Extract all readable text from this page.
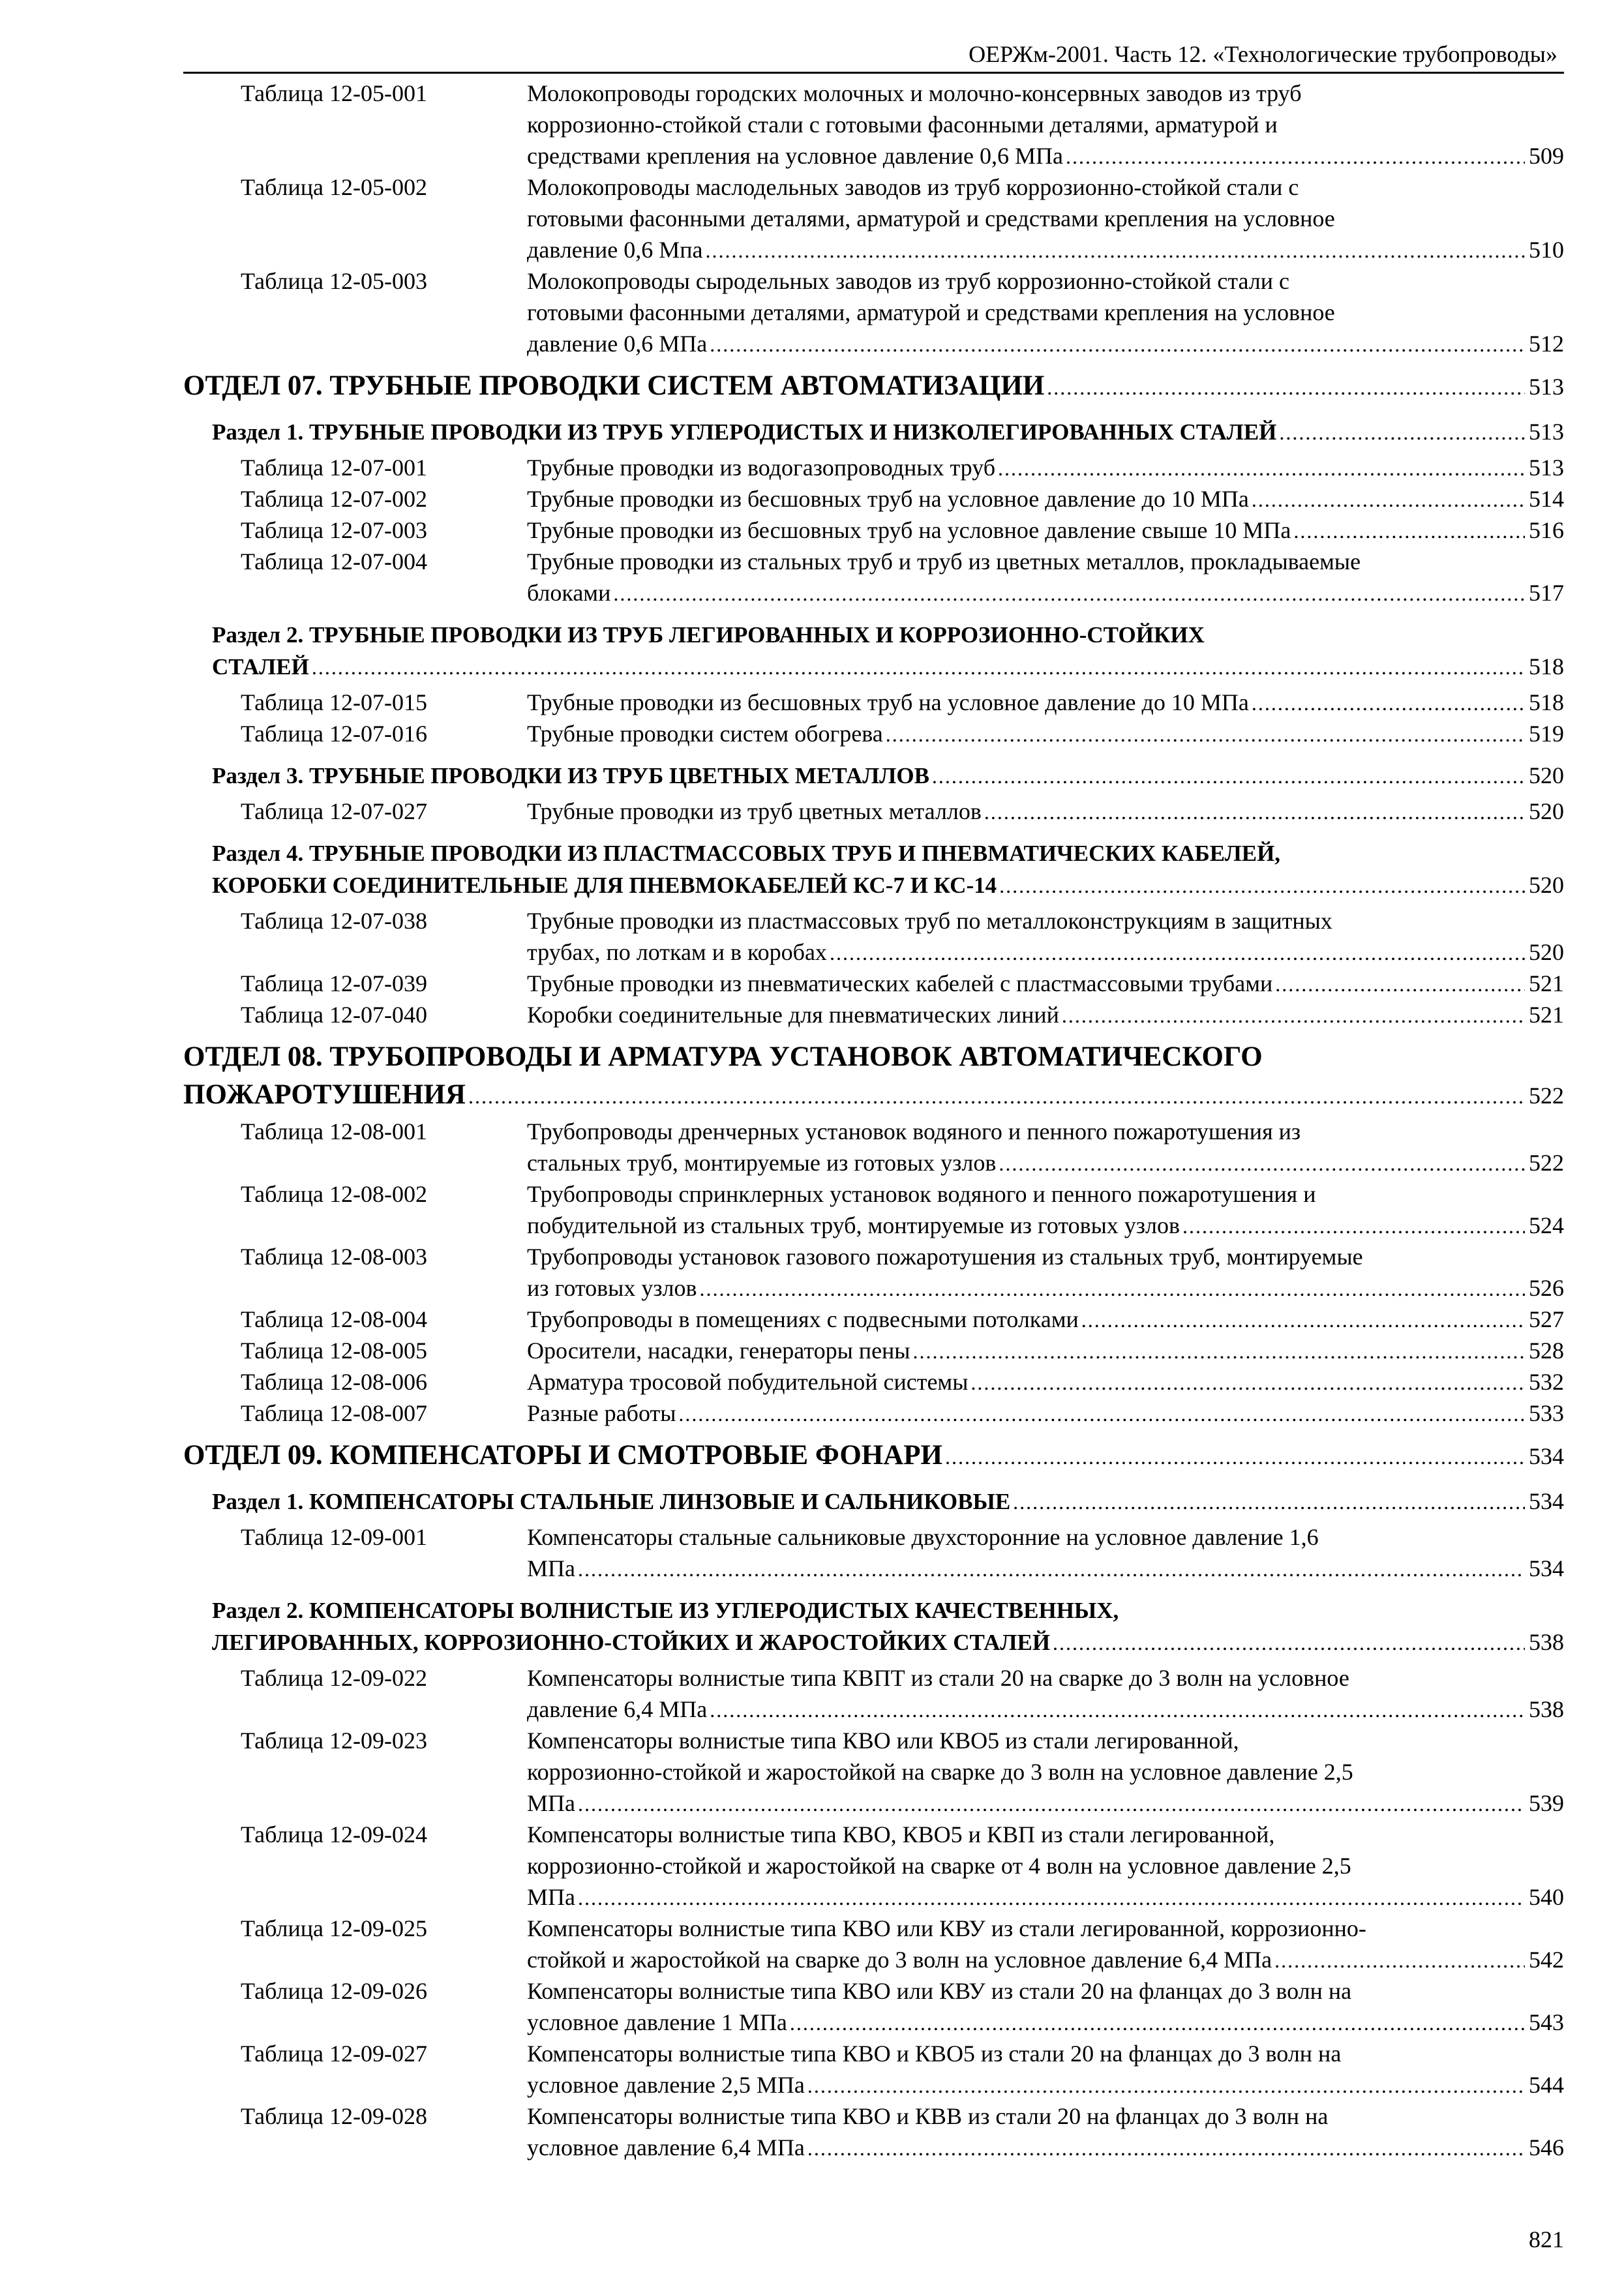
ОЕРЖм-2001. Часть 12. «Технологические трубопроводы»
Таблица 12-05-001	Молокопроводы городских молочных и молочно-консервных заводов из труб
коррозионно-стойкой стали с готовыми фасонными деталями, арматурой и
средствами крепления на условное давление 0,6 МПа .....	509
Таблица 12-05-002	Молокопроводы маслодельных заводов из труб коррозионно-стойкой стали с
готовыми фасонными деталями, арматурой и средствами крепления на условное
давление 0,6 Мпа .....	510
Таблица 12-05-003	Молокопроводы сыродельных заводов из труб коррозионно-стойкой стали с
готовыми фасонными деталями, арматурой и средствами крепления на условное
давление 0,6 МПа .....	512
ОТДЕЛ 07. ТРУБНЫЕ ПРОВОДКИ СИСТЕМ АВТОМАТИЗАЦИИ .....	513
Раздел 1. ТРУБНЫЕ ПРОВОДКИ ИЗ ТРУБ УГЛЕРОДИСТЫХ И НИЗКОЛЕГИРОВАННЫХ СТАЛЕЙ .....	513
Таблица 12-07-001	Трубные проводки из водогазопроводных труб .....	513
Таблица 12-07-002	Трубные проводки из бесшовных труб на условное давление до 10 МПа .....	514
Таблица 12-07-003	Трубные проводки из бесшовных труб на условное давление свыше 10 МПа .....	516
Таблица 12-07-004	Трубные проводки из стальных труб и труб из цветных металлов, прокладываемые
блоками .....	517
Раздел 2. ТРУБНЫЕ ПРОВОДКИ ИЗ ТРУБ ЛЕГИРОВАННЫХ И КОРРОЗИОННО-СТОЙКИХ
СТАЛЕЙ .....	518
Таблица 12-07-015	Трубные проводки из бесшовных труб на условное давление до 10 МПа .....	518
Таблица 12-07-016	Трубные проводки систем обогрева .....	519
Раздел 3. ТРУБНЫЕ ПРОВОДКИ ИЗ ТРУБ ЦВЕТНЫХ МЕТАЛЛОВ .....	520
Таблица 12-07-027	Трубные проводки из труб цветных металлов .....	520
Раздел 4. ТРУБНЫЕ ПРОВОДКИ ИЗ ПЛАСТМАССОВЫХ ТРУБ И ПНЕВМАТИЧЕСКИХ КАБЕЛЕЙ,
КОРОБКИ СОЕДИНИТЕЛЬНЫЕ ДЛЯ ПНЕВМОКАБЕЛЕЙ КС-7 И КС-14 .....	520
Таблица 12-07-038	Трубные проводки из пластмассовых труб по металлоконструкциям в защитных
трубах, по лоткам и в коробах .....	520
Таблица 12-07-039	Трубные проводки из пневматических кабелей с пластмассовыми трубами .....	521
Таблица 12-07-040	Коробки соединительные для пневматических линий .....	521
ОТДЕЛ 08. ТРУБОПРОВОДЫ И АРМАТУРА УСТАНОВОК АВТОМАТИЧЕСКОГО
ПОЖАРОТУШЕНИЯ .....	522
Таблица 12-08-001	Трубопроводы дренчерных установок водяного и пенного пожаротушения из
стальных труб, монтируемые из готовых узлов .....	522
Таблица 12-08-002	Трубопроводы спринклерных установок водяного и пенного пожаротушения и
побудительной из стальных труб, монтируемые из готовых узлов .....	524
Таблица 12-08-003	Трубопроводы установок газового пожаротушения из стальных труб, монтируемые
из готовых узлов .....	526
Таблица 12-08-004	Трубопроводы в помещениях с подвесными потолками .....	527
Таблица 12-08-005	Оросители, насадки, генераторы пены .....	528
Таблица 12-08-006	Арматура тросовой побудительной системы .....	532
Таблица 12-08-007	Разные работы .....	533
ОТДЕЛ 09. КОМПЕНСАТОРЫ И СМОТРОВЫЕ ФОНАРИ .....	534
Раздел 1. КОМПЕНСАТОРЫ СТАЛЬНЫЕ ЛИНЗОВЫЕ И САЛЬНИКОВЫЕ .....	534
Таблица 12-09-001	Компенсаторы стальные сальниковые двухсторонние на условное давление 1,6
МПа .....	534
Раздел 2. КОМПЕНСАТОРЫ ВОЛНИСТЫЕ ИЗ УГЛЕРОДИСТЫХ КАЧЕСТВЕННЫХ,
ЛЕГИРОВАННЫХ, КОРРОЗИОННО-СТОЙКИХ И ЖАРОСТОЙКИХ СТАЛЕЙ .....	538
Таблица 12-09-022	Компенсаторы волнистые типа КВПТ из стали 20 на сварке до 3 волн на условное
давление 6,4 МПа .....	538
Таблица 12-09-023	Компенсаторы волнистые типа КВО или КВО5 из стали легированной,
коррозионно-стойкой и жаростойкой на сварке до 3 волн на условное давление 2,5
МПа .....	539
Таблица 12-09-024	Компенсаторы волнистые типа КВО, КВО5 и КВП из стали легированной,
коррозионно-стойкой и жаростойкой на сварке от 4 волн на условное давление 2,5
МПа .....	540
Таблица 12-09-025	Компенсаторы волнистые типа КВО или КВУ из стали легированной, коррозионно-
стойкой и жаростойкой на сварке до 3 волн на условное давление 6,4 МПа .....	542
Таблица 12-09-026	Компенсаторы волнистые типа КВО или КВУ из стали 20 на фланцах до 3 волн на
условное давление 1 МПа .....	543
Таблица 12-09-027	Компенсаторы волнистые типа КВО и КВО5 из стали 20 на фланцах до 3 волн на
условное давление 2,5 МПа .....	544
Таблица 12-09-028	Компенсаторы волнистые типа КВО и КВВ из стали 20 на фланцах до 3 волн на
условное давление 6,4 МПа .....	546
821
